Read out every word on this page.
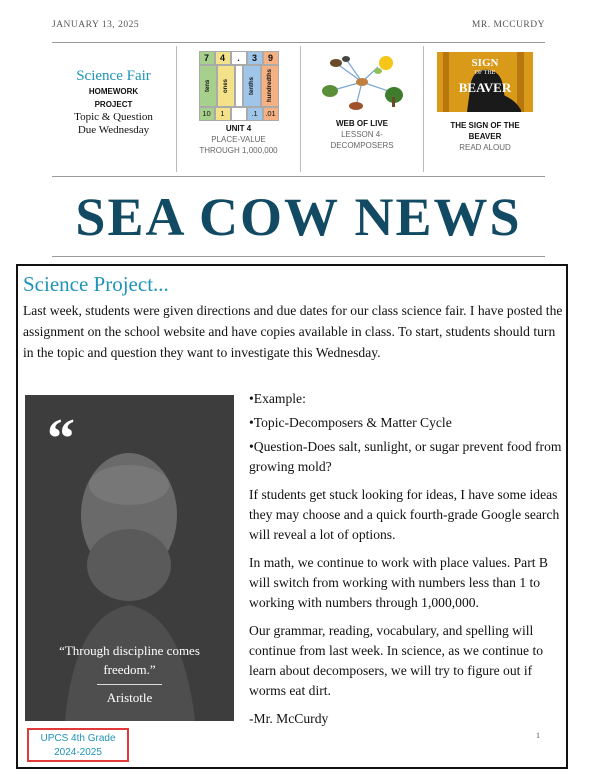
JANUARY 13, 2025	MR. MCCURDY
Science Fair
HOMEWORK
PROJECT
Topic & Question
Due Wednesday
7	4	.	3	9
tens	ones	tenths	hundredths
10	1	.1	.01
UNIT 4
PLACE-VALUE
THROUGH 1,000,000
WEB OF LIVE
LESSON 4-
DECOMPOSERS
SIGN
OF THE
BEAVER
THE SIGN OF THE
BEAVER
READ ALOUD
SEA COW NEWS
Science Project...
Last week, students were given directions and due dates for our class science fair. I have posted the assignment on the school website and have copies available in class. To start, students should turn in the topic and question they want to investigate this Wednesday.
“
“Through discipline comes
freedom.”
Aristotle
UPCS 4th Grade
2024-2025

•Example:

•Topic-Decomposers & Matter Cycle

•Question-Does salt, sunlight, or sugar prevent food from growing mold?

If students get stuck looking for ideas, I have some ideas they may choose and a quick fourth-grade Google search will reveal a lot of options.

In math, we continue to work with place values. Part B will switch from working with numbers less than 1 to working with numbers through 1,000,000.

Our grammar, reading, vocabulary, and spelling will continue from last week. In science, as we continue to learn about decomposers, we will try to figure out if worms eat dirt.

-Mr. McCurdy

1
